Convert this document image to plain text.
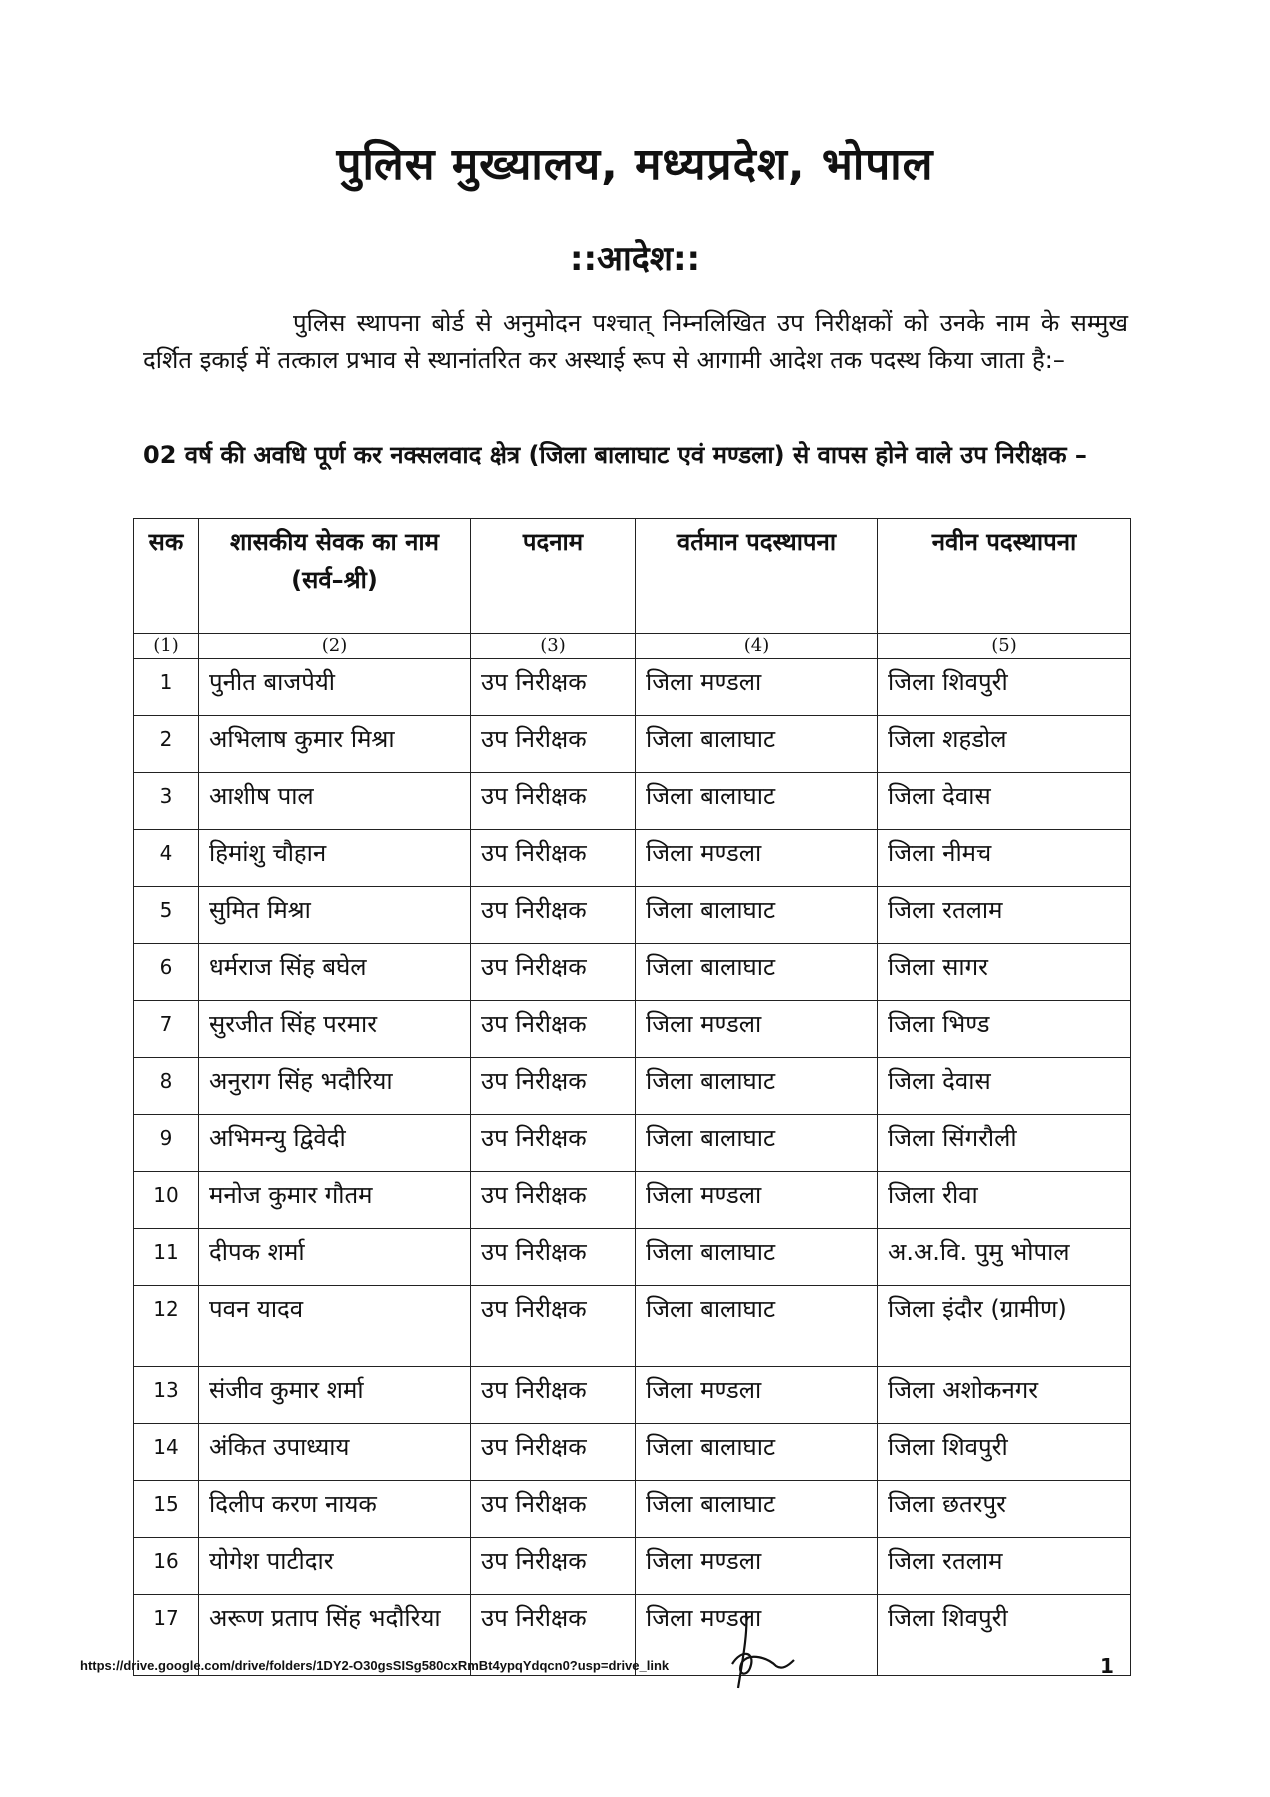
पुलिस मुख्यालय, मध्यप्रदेश, भोपाल
::आदेश::
पुलिस स्थापना बोर्ड से अनुमोदन पश्चात् निम्नलिखित उप निरीक्षकों को उनके नाम के सम्मुख दर्शित इकाई में तत्काल प्रभाव से स्थानांतरित कर अस्थाई रूप से आगामी आदेश तक पदस्थ किया जाता है:–
02 वर्ष की अवधि पूर्ण कर नक्सलवाद क्षेत्र (जिला बालाघाट एवं मण्डला) से वापस होने वाले उप निरीक्षक –
सक	शासकीय सेवक का नाम (सर्व–श्री)	पदनाम	वर्तमान पदस्थापना	नवीन पदस्थापना
(1)	(2)	(3)	(4)	(5)
1	पुनीत बाजपेयी	उप निरीक्षक	जिला मण्डला	जिला शिवपुरी
2	अभिलाष कुमार मिश्रा	उप निरीक्षक	जिला बालाघाट	जिला शहडोल
3	आशीष पाल	उप निरीक्षक	जिला बालाघाट	जिला देवास
4	हिमांशु चौहान	उप निरीक्षक	जिला मण्डला	जिला नीमच
5	सुमित मिश्रा	उप निरीक्षक	जिला बालाघाट	जिला रतलाम
6	धर्मराज सिंह बघेल	उप निरीक्षक	जिला बालाघाट	जिला सागर
7	सुरजीत सिंह परमार	उप निरीक्षक	जिला मण्डला	जिला भिण्ड
8	अनुराग सिंह भदौरिया	उप निरीक्षक	जिला बालाघाट	जिला देवास
9	अभिमन्यु द्विवेदी	उप निरीक्षक	जिला बालाघाट	जिला सिंगरौली
10	मनोज कुमार गौतम	उप निरीक्षक	जिला मण्डला	जिला रीवा
11	दीपक शर्मा	उप निरीक्षक	जिला बालाघाट	अ.अ.वि. पुमु भोपाल
12	पवन यादव	उप निरीक्षक	जिला बालाघाट	जिला इंदौर (ग्रामीण)
13	संजीव कुमार शर्मा	उप निरीक्षक	जिला मण्डला	जिला अशोकनगर
14	अंकित उपाध्याय	उप निरीक्षक	जिला बालाघाट	जिला शिवपुरी
15	दिलीप करण नायक	उप निरीक्षक	जिला बालाघाट	जिला छतरपुर
16	योगेश पाटीदार	उप निरीक्षक	जिला मण्डला	जिला रतलाम
17	अरूण प्रताप सिंह भदौरिया	उप निरीक्षक	जिला मण्डला	जिला शिवपुरी
https://drive.google.com/drive/folders/1DY2-O30gsSISg580cxRmBt4ypqYdqcn0?usp=drive_link	1
